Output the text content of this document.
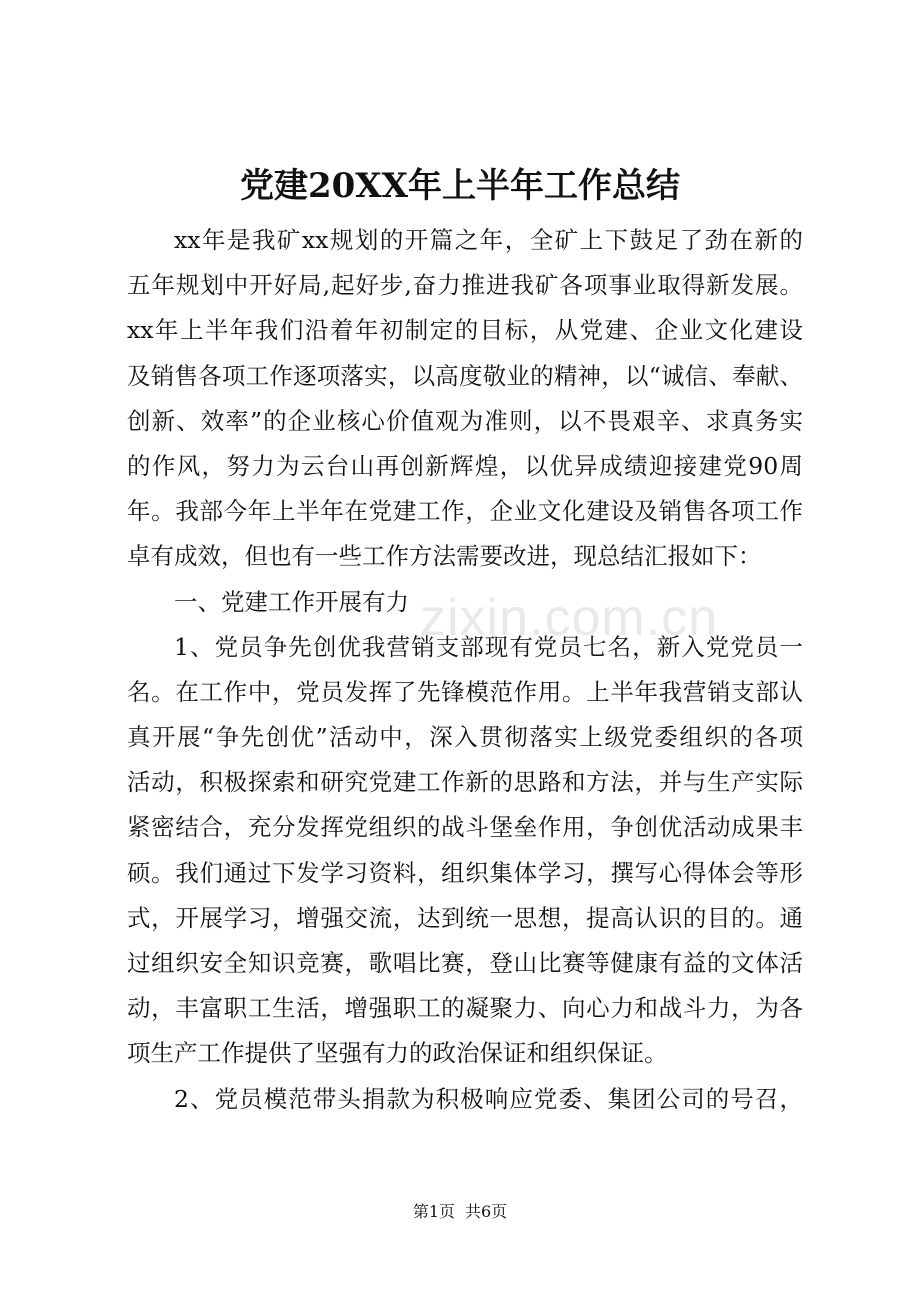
zixin.com.cn
党建20XX年上半年工作总结
xx年是我矿xx规划的开篇之年，全矿上下鼓足了劲在新的
五年规划中开好局,起好步,奋力推进我矿各项事业取得新发展。
xx年上半年我们沿着年初制定的目标，从党建、企业文化建设
及销售各项工作逐项落实，以高度敬业的精神，以“诚信、奉献、
创新、效率”的企业核心价值观为准则，以不畏艰辛、求真务实
的作风，努力为云台山再创新辉煌，以优异成绩迎接建党90周
年。我部今年上半年在党建工作，企业文化建设及销售各项工作
卓有成效，但也有一些工作方法需要改进，现总结汇报如下：
一、党建工作开展有力
1、党员争先创优我营销支部现有党员七名，新入党党员一
名。在工作中，党员发挥了先锋模范作用。上半年我营销支部认
真开展“争先创优”活动中，深入贯彻落实上级党委组织的各项
活动，积极探索和研究党建工作新的思路和方法，并与生产实际
紧密结合，充分发挥党组织的战斗堡垒作用，争创优活动成果丰
硕。我们通过下发学习资料，组织集体学习，撰写心得体会等形
式，开展学习，增强交流，达到统一思想，提高认识的目的。通
过组织安全知识竞赛，歌唱比赛，登山比赛等健康有益的文体活
动，丰富职工生活，增强职工的凝聚力、向心力和战斗力，为各
项生产工作提供了坚强有力的政治保证和组织保证。
2、党员模范带头捐款为积极响应党委、集团公司的号召，
第1页 共6页
